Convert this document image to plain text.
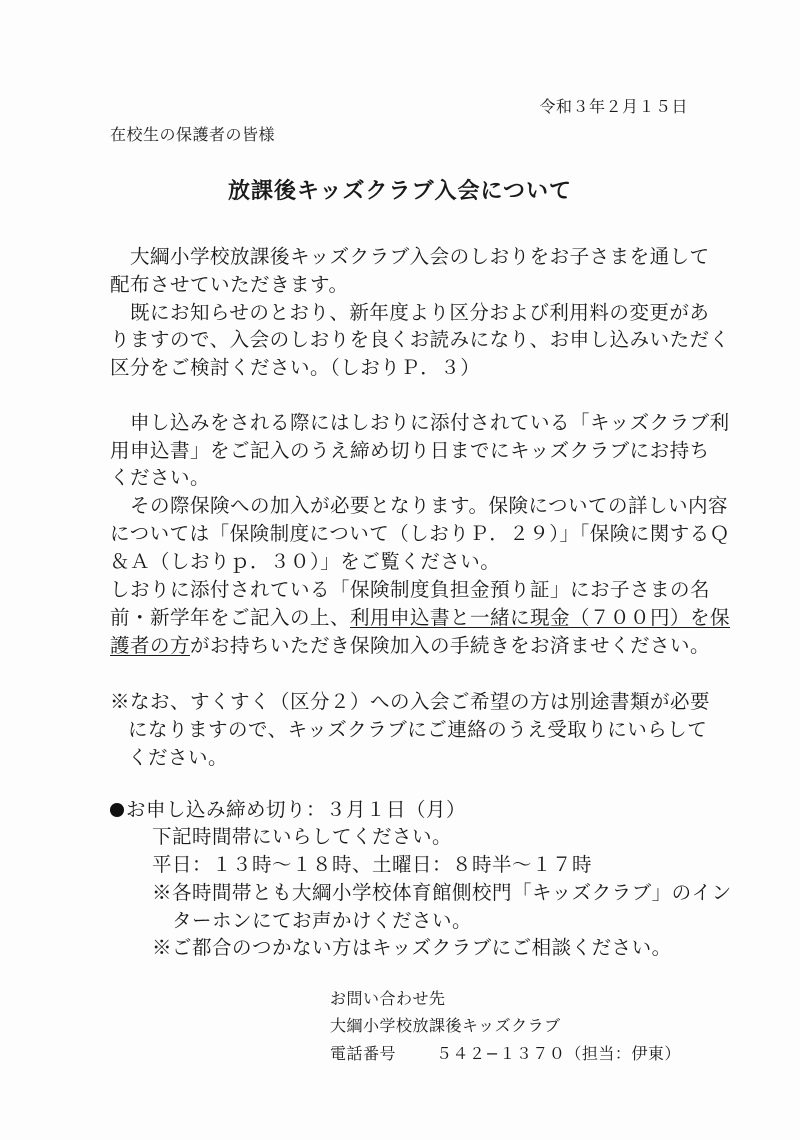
令和３年２月１５日
在校生の保護者の皆様
放課後キッズクラブ入会について
　大綱小学校放課後キッズクラブ入会のしおりをお子さまを通して
配布させていただきます。
　既にお知らせのとおり、新年度より区分および利用料の変更があ
りますので、入会のしおりを良くお読みになり、お申し込みいただく
区分をご検討ください。（しおりＰ．３）
　申し込みをされる際にはしおりに添付されている「キッズクラブ利
用申込書」をご記入のうえ締め切り日までにキッズクラブにお持ち
ください。
　その際保険への加入が必要となります。保険についての詳しい内容
については「保険制度について（しおりＰ．２９）」「保険に関するＱ
＆Ａ（しおりｐ．３０）」をご覧ください。
しおりに添付されている「保険制度負担金預り証」にお子さまの名
前・新学年をご記入の上、利用申込書と一緒に現金（７００円）を保
護者の方がお持ちいただき保険加入の手続きをお済ませください。
※なお、すくすく（区分２）への入会ご希望の方は別途書類が必要
になりますので、キッズクラブにご連絡のうえ受取りにいらして
ください。
お申し込み締め切り：３月１日（月）
下記時間帯にいらしてください。
平日：１３時〜１８時、土曜日：８時半〜１７時
※各時間帯とも大綱小学校体育館側校門「キッズクラブ」のイン
ターホンにてお声かけください。
※ご都合のつかない方はキッズクラブにご相談ください。
お問い合わせ先
大綱小学校放課後キッズクラブ
電話番号	５４２−１３７０（担当：伊東）
